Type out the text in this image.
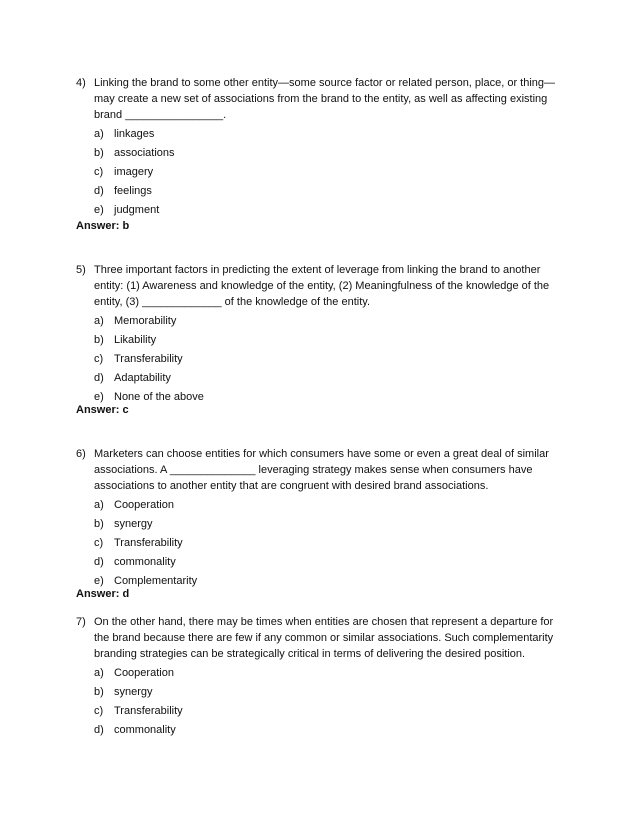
4) Linking the brand to some other entity—some source factor or related person, place, or thing—may create a new set of associations from the brand to the entity, as well as affecting existing brand ________________.
a) linkages
b) associations
c) imagery
d) feelings
e) judgment
Answer: b
5) Three important factors in predicting the extent of leverage from linking the brand to another entity: (1) Awareness and knowledge of the entity, (2) Meaningfulness of the knowledge of the entity, (3) _____________ of the knowledge of the entity.
a) Memorability
b) Likability
c) Transferability
d) Adaptability
e) None of the above
Answer: c
6) Marketers can choose entities for which consumers have some or even a great deal of similar associations. A ______________ leveraging strategy makes sense when consumers have associations to another entity that are congruent with desired brand associations.
a) Cooperation
b) synergy
c) Transferability
d) commonality
e) Complementarity
Answer: d
7) On the other hand, there may be times when entities are chosen that represent a departure for the brand because there are few if any common or similar associations. Such complementarity branding strategies can be strategically critical in terms of delivering the desired position.
a) Cooperation
b) synergy
c) Transferability
d) commonality
